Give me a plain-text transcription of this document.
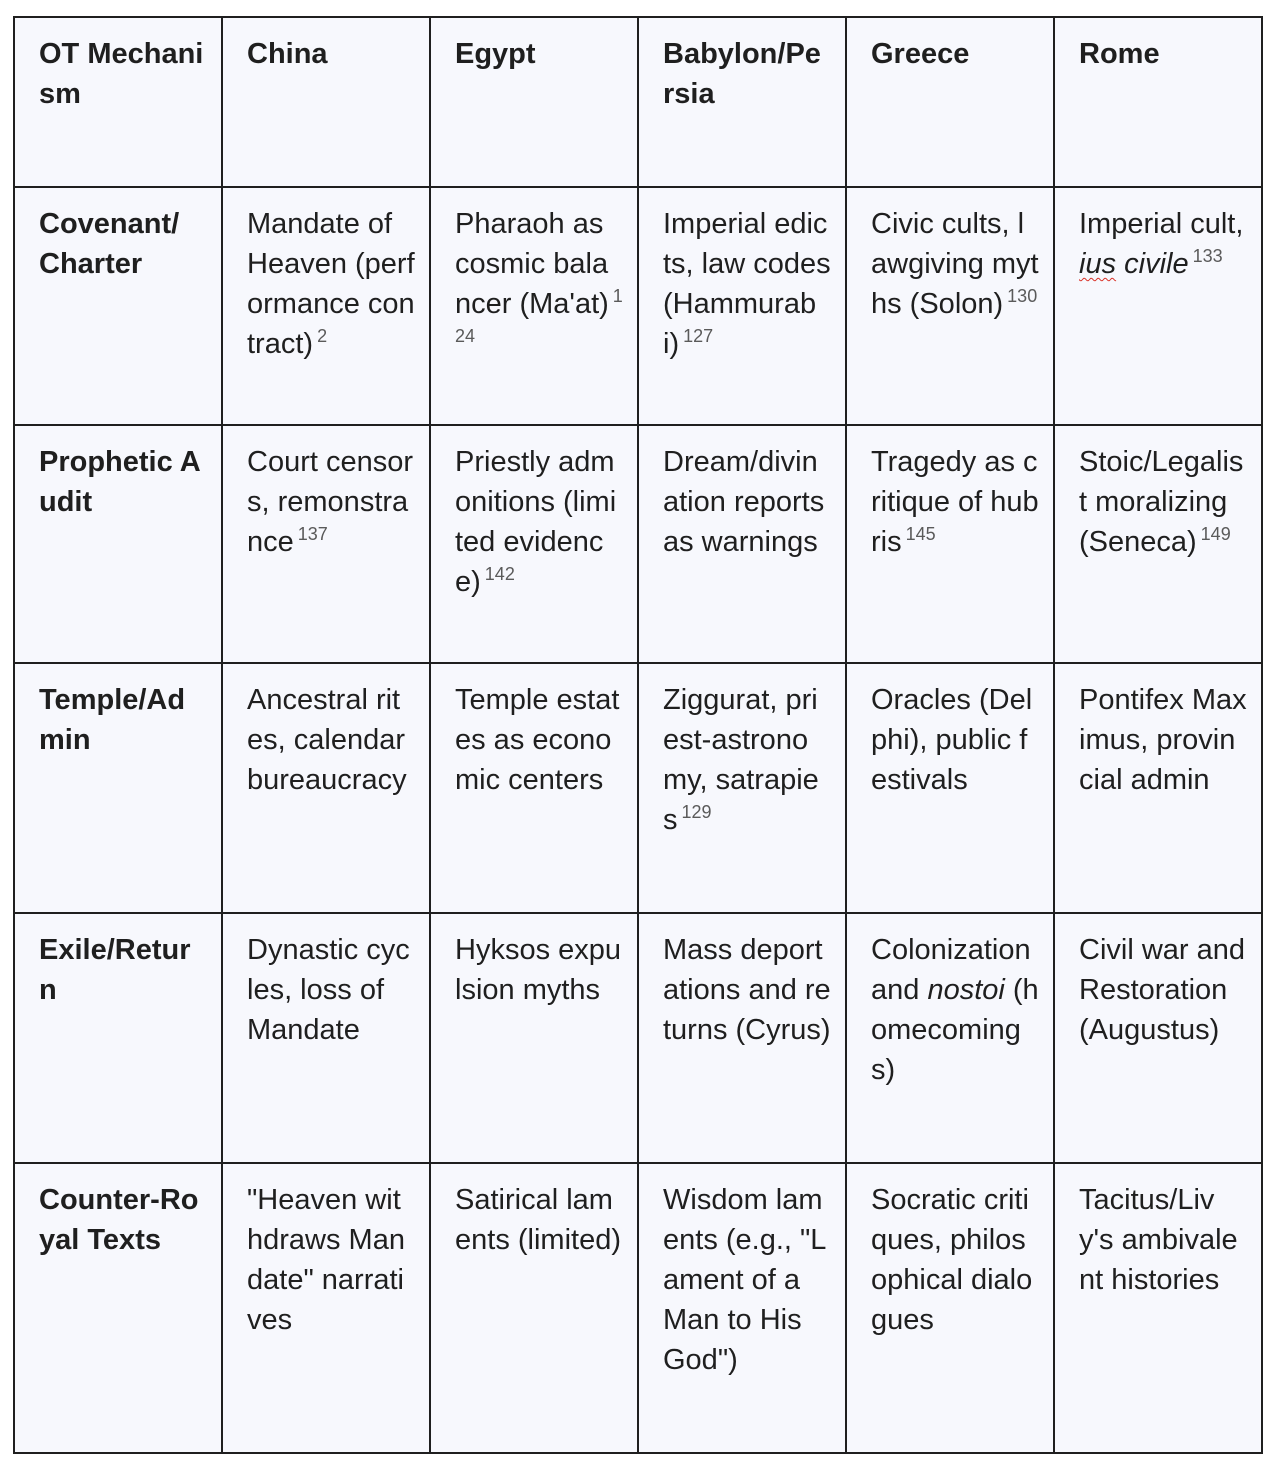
OT Mechanism	China	Egypt	Babylon/Persia	Greece	Rome
Covenant/ Charter	Mandate of Heaven (performance contract) $^2$	Pharaoh as cosmic balancer (Ma'at) $^{124}$	Imperial edicts, law codes (Hammurabi) $^{127}$	Civic cults, lawgiving myths (Solon) $^{130}$	Imperial cult, ius civile $^{133}$
Prophetic Audit	Court censors, remonstrance $^{137}$	Priestly admonitions (limited evidence) $^{142}$	Dream/divination reports as warnings	Tragedy as critique of hubris $^{145}$	Stoic/Legalist moralizing (Seneca) $^{149}$
Temple/Admin	Ancestral rites, calendar bureaucracy	Temple estates as economic centers	Ziggurat, priest-astronomy, satrapies $^{129}$	Oracles (Delphi), public festivals	Pontifex Maximus, provincial admin
Exile/Return	Dynastic cycles, loss of Mandate	Hyksos expulsion myths	Mass deportations and returns (Cyrus)	Colonization and nostoi (homecomings)	Civil war and Restoration (Augustus)
Counter-Royal Texts	"Heaven withdraws Mandate" narratives	Satirical laments (limited)	Wisdom laments (e.g., "Lament of a Man to His God")	Socratic critiques, philosophical dialogues	Tacitus/Livy's ambivalent histories
